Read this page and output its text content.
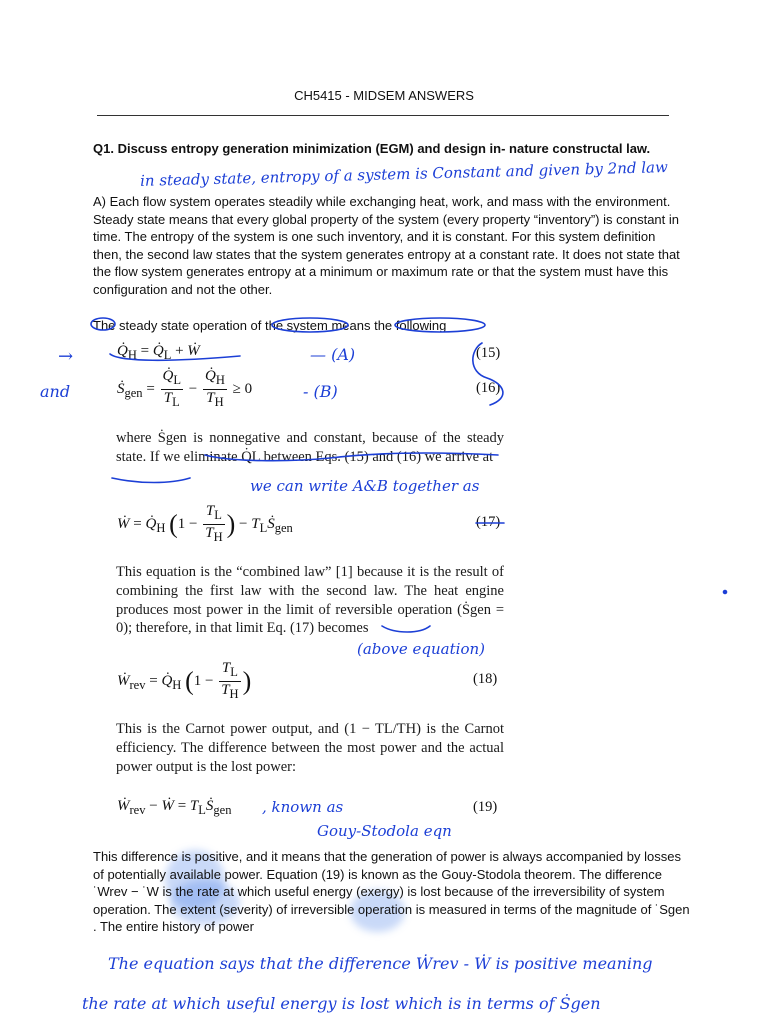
CH5415 - MIDSEM ANSWERS
Q1. Discuss entropy generation minimization (EGM) and design in- nature constructal law.
in steady state, entropy of a system is Constant and given by 2nd law
A) Each flow system operates steadily while exchanging heat, work, and mass with the environment. Steady state means that every global property of the system (every property “inventory”) is constant in time. The entropy of the system is one such inventory, and it is constant. For this system definition then, the second law states that the system generates entropy at a constant rate. It does not state that the flow system generates entropy at a minimum or maximum rate or that the system must have this configuration and not the other.
The steady state operation of the system means the following
→
and
$Q̇_H$ = $Q̇_L$ + Ẇ	— (A)	(15)
Ṡ$_{gen}$ = $\frac{Q̇_L}{T_L} - \frac{Q̇_H}{T_H} \ge 0$	- (B)	(16)
where Ṡgen is nonnegative and constant, because of the steady state. If we eliminate Q̇L between Eqs. (15) and (16) we arrive at
we can write A&B together as
Ẇ = $Q̇_H$ ($1 - \frac{T_L}{T_H}$ ) − $T_LṠ_{gen}$	(17)
This equation is the “combined law” [1] because it is the result of combining the first law with the second law. The heat engine produces most power in the limit of reversible operation (Ṡgen = 0); therefore, in that limit Eq. (17) becomes
(above equation)
Ẇ$_{rev}$ = $Q̇_H$ ($1 - \frac{T_L}{T_H}$ )	(18)
This is the Carnot power output, and (1 − TL/TH) is the Carnot efficiency. The difference between the most power and the actual power output is the lost power:
Ẇ$_{rev}$ − Ẇ = $T_LṠ_{gen}$ , known as	(19)
Gouy-Stodola eqn
This difference is positive, and it means that the generation of power is always accompanied by losses of potentially available power. Equation (19) is known as the Gouy-Stodola theorem. The difference ˙Wrev − ˙W is the rate at which useful energy (exergy) is lost because of the irreversibility of system operation. The extent (severity) of irreversible operation is measured in terms of the magnitude of ˙Sgen . The entire history of power
The equation says that the difference Ẇrev - Ẇ is positive meaning
the rate at which useful energy is lost which is in terms of Ṡgen
